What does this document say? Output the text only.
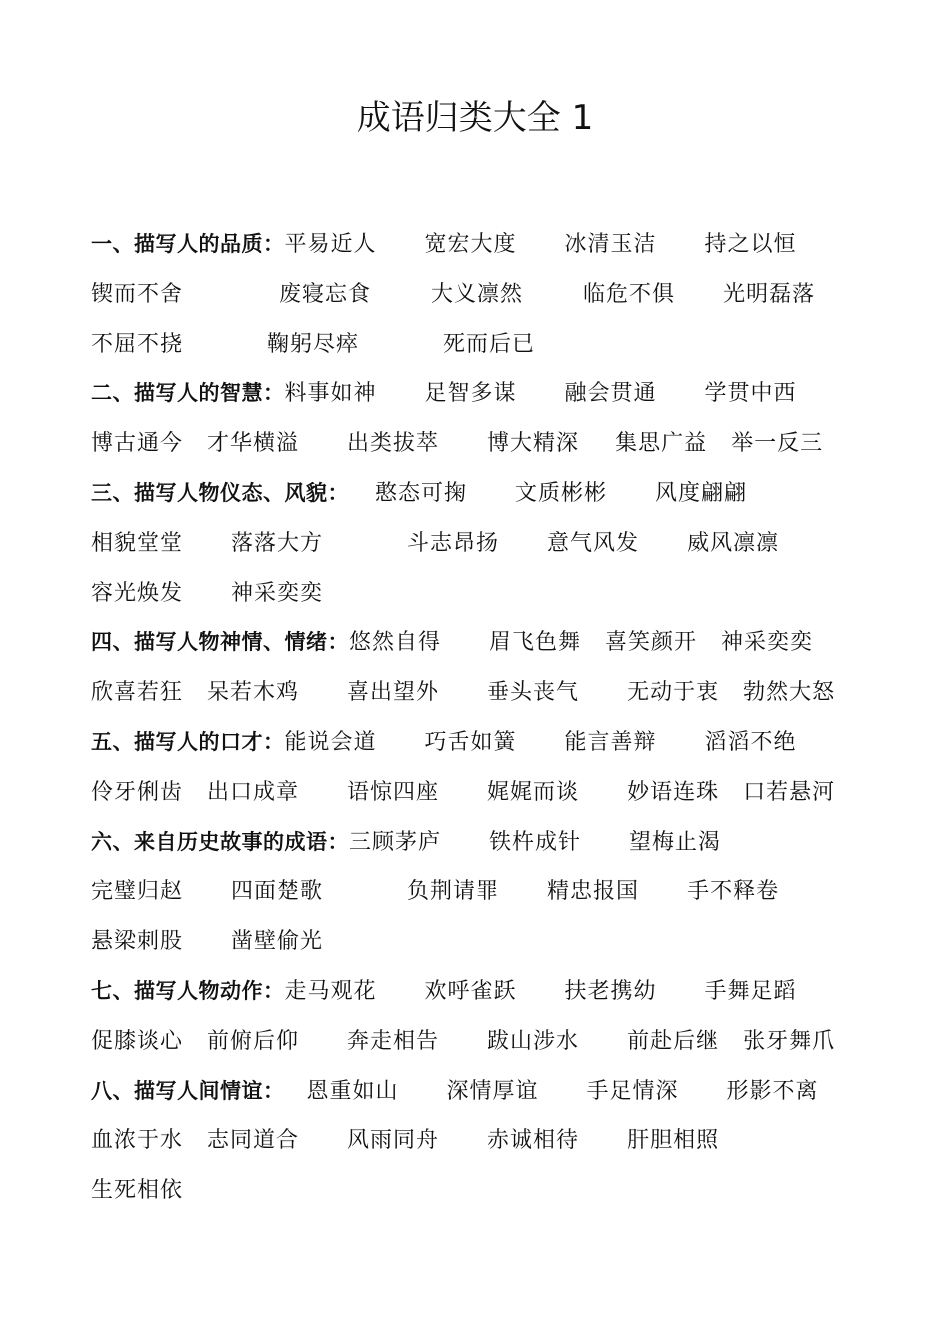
成语归类大全 1
一、描写人的品质： 平易近人 宽宏大度 冰清玉洁 持之以恒
锲而不舍	废寝忘食	大义凛然	临危不俱 光明磊落
不屈不挠	鞠躬尽瘁	死而后已
二、描写人的智慧： 料事如神 足智多谋 融会贯通 学贯中西
博古通今 才华横溢 出类拔萃 博大精深 集思广益 举一反三
三、描写人物仪态、风貌： 憨态可掬 文质彬彬 风度翩翩
相貌堂堂 落落大方	斗志昂扬 意气风发 威风凛凛
容光焕发 神采奕奕
四、描写人物神情、情绪： 悠然自得 眉飞色舞 喜笑颜开 神采奕奕
欣喜若狂 呆若木鸡 喜出望外 垂头丧气 无动于衷 勃然大怒
五、描写人的口才： 能说会道 巧舌如簧 能言善辩 滔滔不绝
伶牙俐齿 出口成章 语惊四座 娓娓而谈 妙语连珠 口若悬河
六、来自历史故事的成语： 三顾茅庐 铁杵成针 望梅止渴
完璧归赵 四面楚歌	负荆请罪 精忠报国 手不释卷
悬梁刺股 凿壁偷光
七、描写人物动作： 走马观花 欢呼雀跃 扶老携幼 手舞足蹈
促膝谈心 前俯后仰 奔走相告 跋山涉水 前赴后继 张牙舞爪
八、描写人间情谊： 恩重如山 深情厚谊 手足情深 形影不离
血浓于水 志同道合 风雨同舟 赤诚相待 肝胆相照
生死相依
